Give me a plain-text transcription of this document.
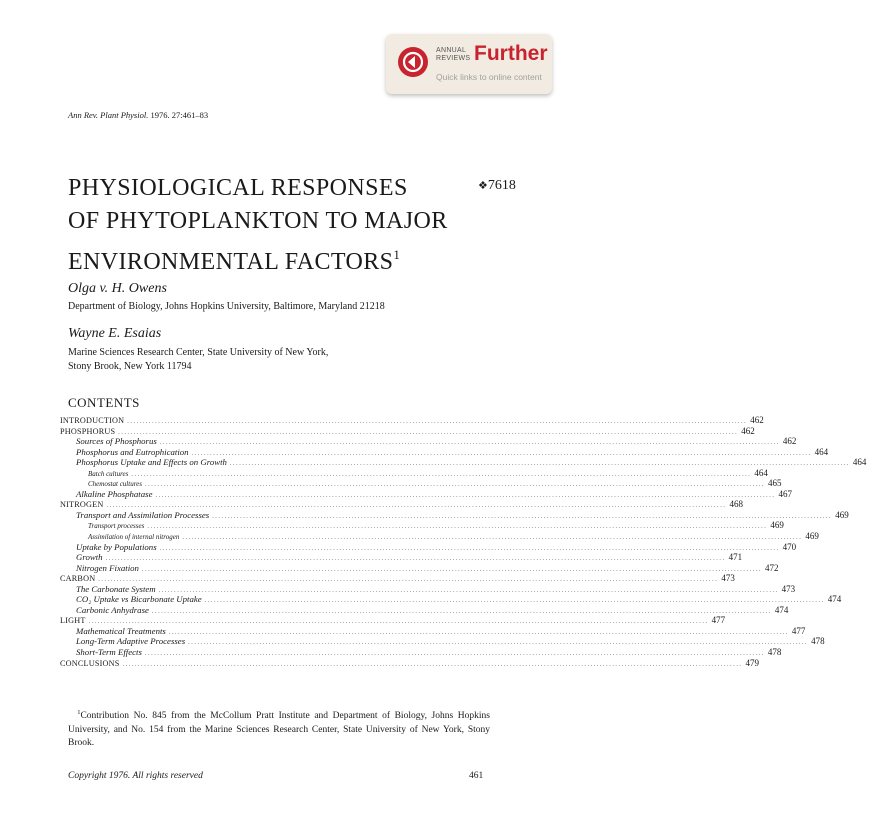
ANNUAL
REVIEWS Further
Quick links to online content
Ann Rev. Plant Physiol. 1976. 27:461–83
PHYSIOLOGICAL RESPONSES
OF PHYTOPLANKTON TO MAJOR
ENVIRONMENTAL FACTORS$^1$
❖7618
Olga v. H. Owens
Department of Biology, Johns Hopkins University, Baltimore, Maryland 21218
Wayne E. Esaias
Marine Sciences Research Center, State University of New York,
Stony Brook, New York 11794
CONTENTS
INTRODUCTION ........................................................................................................................................................................................................ 462
PHOSPHORUS ........................................................................................................................................................................................................ 462
Sources of Phosphorus ........................................................................................................................................................................................................ 462
Phosphorus and Eutrophication ........................................................................................................................................................................................................ 464
Phosphorus Uptake and Effects on Growth ........................................................................................................................................................................................................ 464
Batch cultures ........................................................................................................................................................................................................ 464
Chemostat cultures ........................................................................................................................................................................................................ 465
Alkaline Phosphatase ........................................................................................................................................................................................................ 467
NITROGEN ........................................................................................................................................................................................................ 468
Transport and Assimilation Processes ........................................................................................................................................................................................................ 469
Transport processes ........................................................................................................................................................................................................ 469
Assimilation of internal nitrogen ........................................................................................................................................................................................................ 469
Uptake by Populations ........................................................................................................................................................................................................ 470
Growth ........................................................................................................................................................................................................ 471
Nitrogen Fixation ........................................................................................................................................................................................................ 472
CARBON ........................................................................................................................................................................................................ 473
The Carbonate System ........................................................................................................................................................................................................ 473
CO₂ Uptake vs Bicarbonate Uptake ........................................................................................................................................................................................................ 474
Carbonic Anhydrase ........................................................................................................................................................................................................ 474
LIGHT ........................................................................................................................................................................................................ 477
Mathematical Treatments ........................................................................................................................................................................................................ 477
Long-Term Adaptive Processes ........................................................................................................................................................................................................ 478
Short-Term Effects ........................................................................................................................................................................................................ 478
CONCLUSIONS ........................................................................................................................................................................................................ 479
$^1$Contribution No. 845 from the McCollum Pratt Institute and Department of Biology, Johns Hopkins University, and No. 154 from the Marine Sciences Research Center, State University of New York, Stony Brook.
Copyright 1976. All rights reserved	461
